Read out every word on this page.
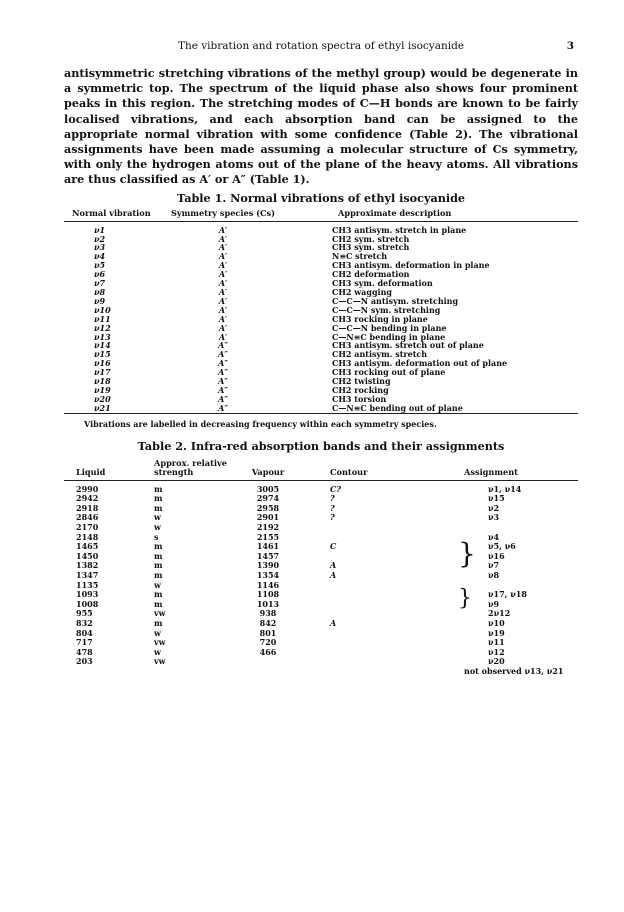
The vibration and rotation spectra of ethyl isocyanide	3
antisymmetric stretching vibrations of the methyl group) would be degenerate in a symmetric top. The spectrum of the liquid phase also shows four prominent peaks in this region. The stretching modes of C—H bonds are known to be fairly localised vibrations, and each absorption band can be assigned to the appropriate normal vibration with some confidence (Table 2). The vibrational assignments have been made assuming a molecular structure of Cs symmetry, with only the hydrogen atoms out of the plane of the heavy atoms. All vibrations are thus classified as A′ or A″ (Table 1).
Table 1. Normal vibrations of ethyl isocyanide
Normal vibration	Symmetry species (Cs)	Approximate description
ν1	A′	CH3 antisym. stretch in plane
ν2	A′	CH2 sym. stretch
ν3	A′	CH3 sym. stretch
ν4	A′	N≡C stretch
ν5	A′	CH3 antisym. deformation in plane
ν6	A′	CH2 deformation
ν7	A′	CH3 sym. deformation
ν8	A′	CH2 wagging
ν9	A′	C—C—N antisym. stretching
ν10	A′	C—C—N sym. stretching
ν11	A′	CH3 rocking in plane
ν12	A′	C—C—N bending in plane
ν13	A′	C—N≡C bending in plane
ν14	A″	CH3 antisym. stretch out of plane
ν15	A″	CH2 antisym. stretch
ν16	A″	CH3 antisym. deformation out of plane
ν17	A″	CH3 rocking out of plane
ν18	A″	CH2 twisting
ν19	A″	CH2 rocking
ν20	A″	CH3 torsion
ν21	A″	C—N≡C bending out of plane
Vibrations are labelled in decreasing frequency within each symmetry species.
Table 2. Infra-red absorption bands and their assignments
Liquid	Approx. relative strength	Vapour	Contour	Assignment
2990	m	3005	C?	ν1, ν14

2942	m	2974	?	ν15

2918	m	2958	?	ν2

2846	w	2901	?	ν3

2170	w	2192		

2148	s	2155		ν4

1465	m	1461	C	ν5, ν6
}

1450	m	1457		ν16

1382	m	1390	A	ν7

1347	m	1354	A	ν8

1135	w	1146		

1093	m	1108		ν17, ν18
}

1008	m	1013		ν9

955	vw	938		2ν12

832	m	842	A	ν10

804	w	801		ν19

717	vw	720		ν11

478	w	466		ν12

203	vw			ν20

				not observed ν13, ν21
